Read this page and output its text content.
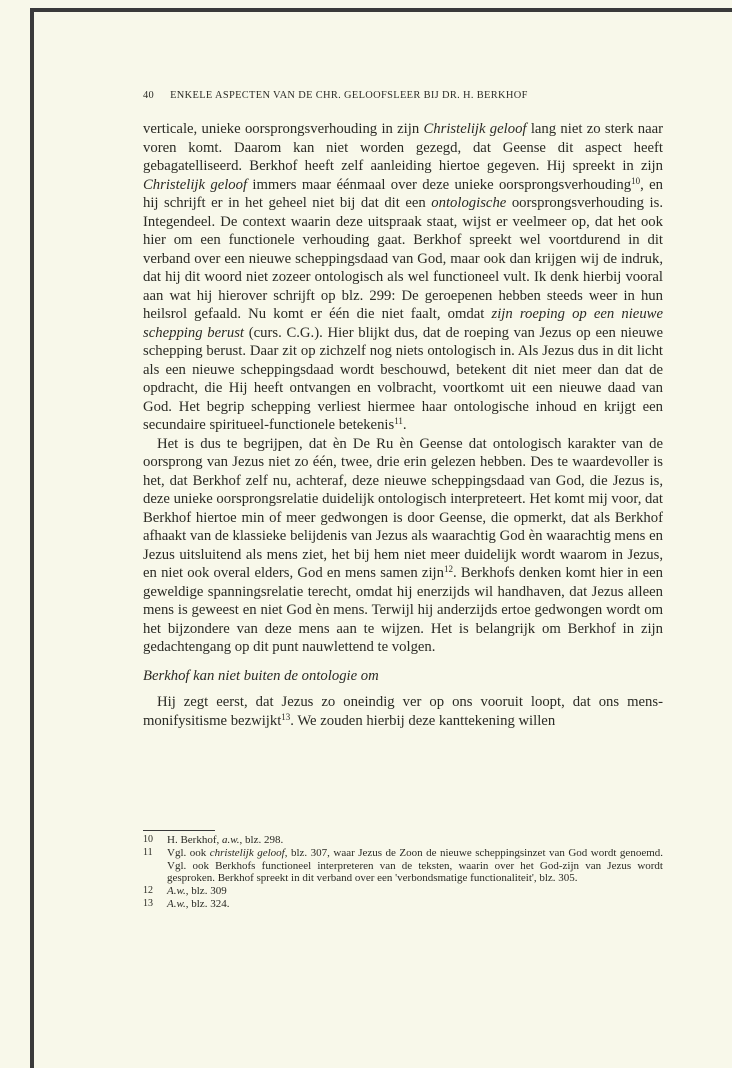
40 ENKELE ASPECTEN VAN DE CHR. GELOOFSLEER BIJ DR. H. BERKHOF

verticale, unieke oorsprongsverhouding in zijn Christelijk geloof lang niet zo sterk naar voren komt. Daarom kan niet worden gezegd, dat Geense dit aspect heeft gebagatelliseerd. Berkhof heeft zelf aanleiding hiertoe gegeven. Hij spreekt in zijn Christelijk geloof immers maar éénmaal over deze unieke oorsprongsverhouding$^{10}$, en hij schrijft er in het geheel niet bij dat dit een ontologische oorsprongsverhouding is. Integendeel. De context waarin deze uitspraak staat, wijst er veelmeer op, dat het ook hier om een functionele verhouding gaat. Berkhof spreekt wel voortdurend in dit verband over een nieuwe scheppingsdaad van God, maar ook dan krijgen wij de indruk, dat hij dit woord niet zozeer ontologisch als wel functioneel vult. Ik denk hierbij vooral aan wat hij hierover schrijft op blz. 299: De geroepenen hebben steeds weer in hun heilsrol gefaald. Nu komt er één die niet faalt, omdat zijn roeping op een nieuwe schepping berust (curs. C.G.). Hier blijkt dus, dat de roeping van Jezus op een nieuwe schepping berust. Daar zit op zichzelf nog niets ontologisch in. Als Jezus dus in dit licht als een nieuwe scheppingsdaad wordt beschouwd, betekent dit niet meer dan dat de opdracht, die Hij heeft ontvangen en volbracht, voortkomt uit een nieuwe daad van God. Het begrip schepping verliest hiermee haar ontologische inhoud en krijgt een secundaire spiritueel-functionele betekenis$^{11}$.

Het is dus te begrijpen, dat èn De Ru èn Geense dat ontologisch karakter van de oorsprong van Jezus niet zo één, twee, drie erin gelezen hebben. Des te waardevoller is het, dat Berkhof zelf nu, achteraf, deze nieuwe scheppingsdaad van God, die Jezus is, deze unieke oorsprongsrelatie duidelijk ontologisch interpreteert. Het komt mij voor, dat Berkhof hiertoe min of meer gedwongen is door Geense, die opmerkt, dat als Berkhof afhaakt van de klassieke belijdenis van Jezus als waarachtig God èn waarachtig mens en Jezus uitsluitend als mens ziet, het bij hem niet meer duidelijk wordt waarom in Jezus, en niet ook overal elders, God en mens samen zijn$^{12}$. Berkhofs denken komt hier in een geweldige spanningsrelatie terecht, omdat hij enerzijds wil handhaven, dat Jezus alleen mens is geweest en niet God èn mens. Terwijl hij anderzijds ertoe gedwongen wordt om het bijzondere van deze mens aan te wijzen. Het is belangrijk om Berkhof in zijn gedachtengang op dit punt nauwlettend te volgen.

Berkhof kan niet buiten de ontologie om

Hij zegt eerst, dat Jezus zo oneindig ver op ons vooruit loopt, dat ons mens-monifysitisme bezwijkt$^{13}$. We zouden hierbij deze kanttekening willen

10	H. Berkhof, a.w., blz. 298.
11	Vgl. ook christelijk geloof, blz. 307, waar Jezus de Zoon de nieuwe scheppingsinzet van God wordt genoemd. Vgl. ook Berkhofs functioneel interpreteren van de teksten, waarin over het God-zijn van Jezus wordt gesproken. Berkhof spreekt in dit verband over een 'verbondsmatige functionaliteit', blz. 305.
12	A.w., blz. 309
13	A.w., blz. 324.
